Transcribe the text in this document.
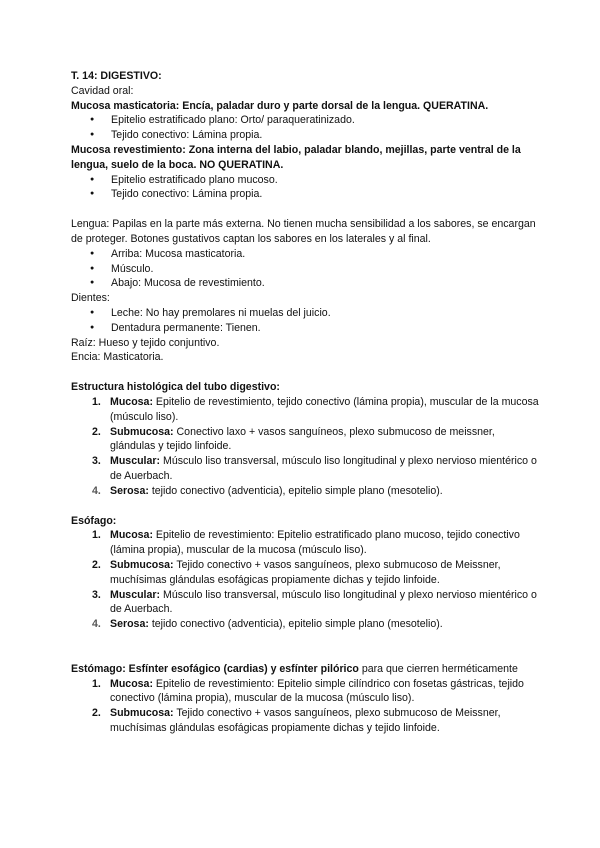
T. 14: DIGESTIVO:
Cavidad oral:
Mucosa masticatoria: Encía, paladar duro y parte dorsal de la lengua. QUERATINA.
● Epitelio estratificado plano: Orto/ paraqueratinizado.
● Tejido conectivo: Lámina propia.
Mucosa revestimiento: Zona interna del labio, paladar blando, mejillas, parte ventral de la lengua, suelo de la boca. NO QUERATINA.
● Epitelio estratificado plano mucoso.
● Tejido conectivo: Lámina propia.
Lengua: Papilas en la parte más externa. No tienen mucha sensibilidad a los sabores, se encargan de proteger. Botones gustativos captan los sabores en los laterales y al final.
● Arriba: Mucosa masticatoria.
● Músculo.
● Abajo: Mucosa de revestimiento.
Dientes:
● Leche: No hay premolares ni muelas del juicio.
● Dentadura permanente: Tienen.
Raíz: Hueso y tejido conjuntivo.
Encia: Masticatoria.
Estructura histológica del tubo digestivo:
1. Mucosa: Epitelio de revestimiento, tejido conectivo (lámina propia), muscular de la mucosa (músculo liso).
2. Submucosa: Conectivo laxo + vasos sanguíneos, plexo submucoso de meissner, glándulas y tejido linfoide.
3. Muscular: Músculo liso transversal, músculo liso longitudinal y plexo nervioso mientérico o de Auerbach.
4. Serosa: tejido conectivo (adventicia), epitelio simple plano (mesotelio).
Esófago:
1. Mucosa: Epitelio de revestimiento: Epitelio estratificado plano mucoso, tejido conectivo (lámina propia), muscular de la mucosa (músculo liso).
2. Submucosa: Tejido conectivo + vasos sanguíneos, plexo submucoso de Meissner, muchísimas glándulas esofágicas propiamente dichas y tejido linfoide.
3. Muscular: Músculo liso transversal, músculo liso longitudinal y plexo nervioso mientérico o de Auerbach.
4. Serosa: tejido conectivo (adventicia), epitelio simple plano (mesotelio).
Estómago: Esfínter esofágico (cardias) y esfínter pilórico para que cierren herméticamente
1. Mucosa: Epitelio de revestimiento: Epitelio simple cilíndrico con fosetas gástricas, tejido conectivo (lámina propia), muscular de la mucosa (músculo liso).
2. Submucosa: Tejido conectivo + vasos sanguíneos, plexo submucoso de Meissner, muchísimas glándulas esofágicas propiamente dichas y tejido linfoide.
